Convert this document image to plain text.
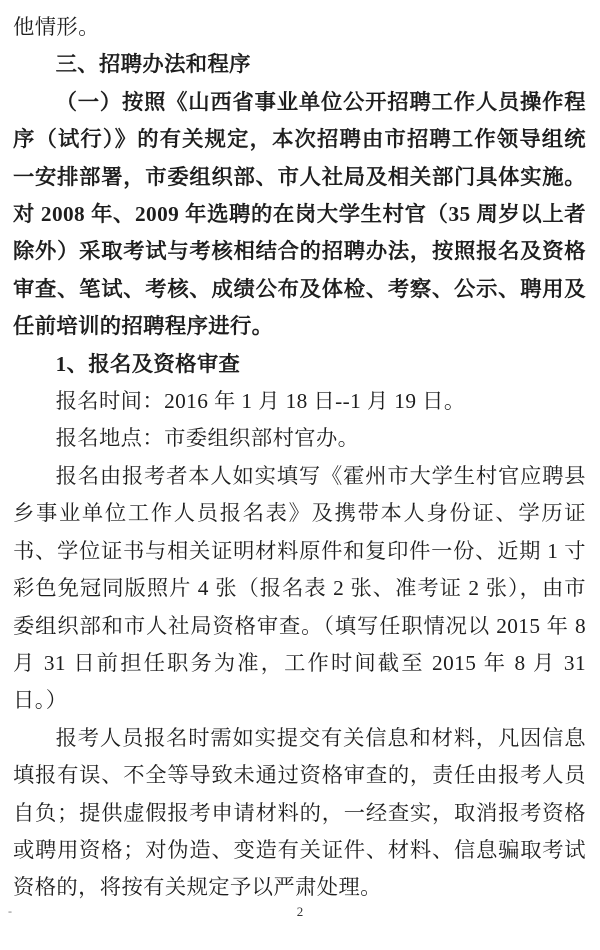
他情形。

三、招聘办法和程序

（一）按照《山西省事业单位公开招聘工作人员操作程序（试行）》的有关规定，本次招聘由市招聘工作领导组统一安排部署，市委组织部、市人社局及相关部门具体实施。对 2008 年、2009 年选聘的在岗大学生村官（35 周岁以上者除外）采取考试与考核相结合的招聘办法，按照报名及资格审查、笔试、考核、成绩公布及体检、考察、公示、聘用及任前培训的招聘程序进行。

1、报名及资格审查

报名时间：2016 年 1 月 18 日--1 月 19 日。

报名地点：市委组织部村官办。

报名由报考者本人如实填写《霍州市大学生村官应聘县乡事业单位工作人员报名表》及携带本人身份证、学历证书、学位证书与相关证明材料原件和复印件一份、近期 1 寸彩色免冠同版照片 4 张（报名表 2 张、准考证 2 张），由市委组织部和市人社局资格审查。（填写任职情况以 2015 年 8 月 31 日前担任职务为准，工作时间截至 2015 年 8 月 31 日。）

报考人员报名时需如实提交有关信息和材料，凡因信息填报有误、不全等导致未通过资格审查的，责任由报考人员自负；提供虚假报考申请材料的，一经查实，取消报考资格或聘用资格；对伪造、变造有关证件、材料、信息骗取考试资格的，将按有关规定予以严肃处理。

-	2
